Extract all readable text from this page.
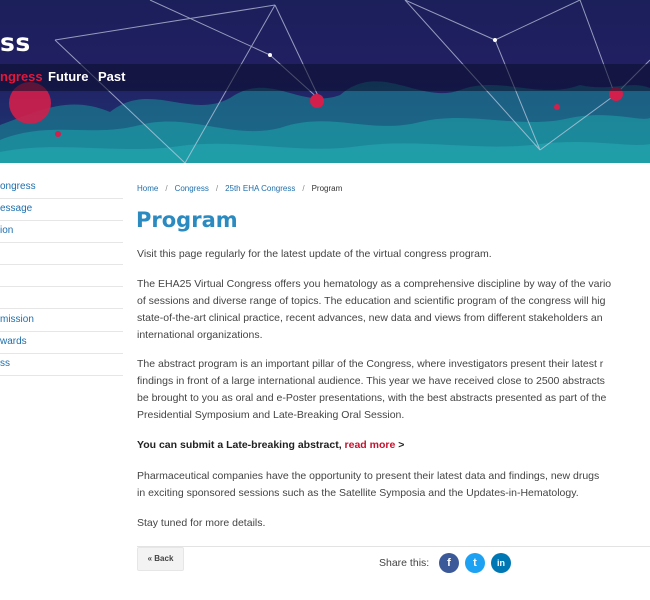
ss
ngress Future Past
ongress
essage
ion
mission
wards
ss
Home / Congress / 25th EHA Congress / Program
Program
Visit this page regularly for the latest update of the virtual congress program.
The EHA25 Virtual Congress offers you hematology as a comprehensive discipline by way of the vario
of sessions and diverse range of topics. The education and scientific program of the congress will hig
state-of-the-art clinical practice, recent advances, new data and views from different stakeholders an
international organizations.
The abstract program is an important pillar of the Congress, where investigators present their latest r
findings in front of a large international audience. This year we have received close to 2500 abstracts
be brought to you as oral and e-Poster presentations, with the best abstracts presented as part of the
Presidential Symposium and Late-Breaking Oral Session.
You can submit a Late-breaking abstract, read more >
Pharmaceutical companies have the opportunity to present their latest data and findings, new drugs
in exciting sponsored sessions such as the Satellite Symposia and the Updates-in-Hematology.
Stay tuned for more details.
« Back	Share this:	f	t	in
